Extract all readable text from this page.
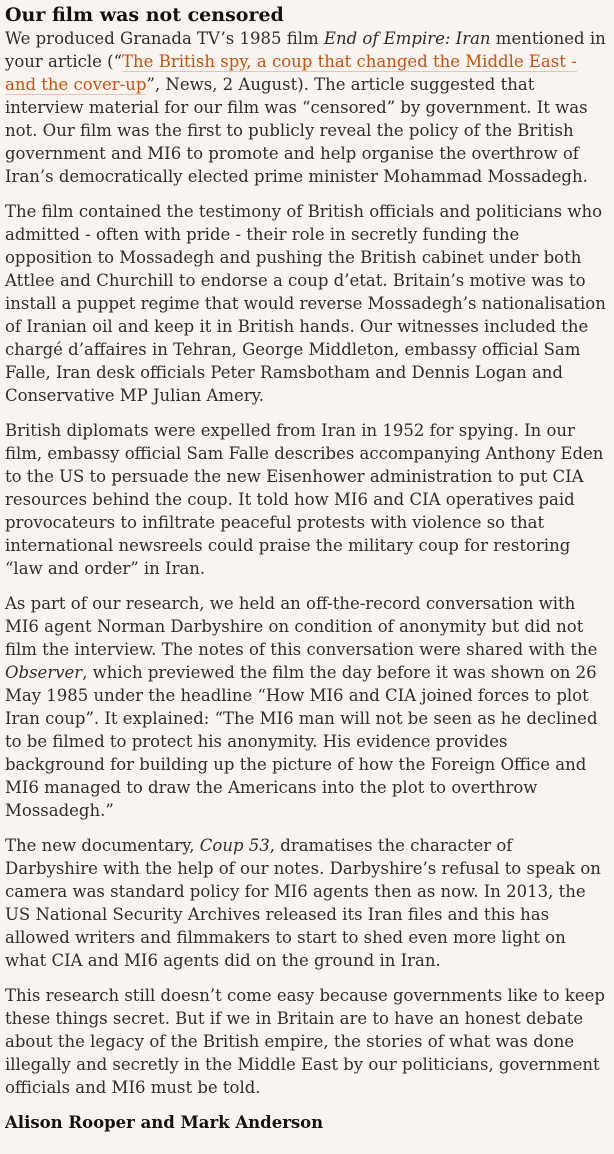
Our film was not censored

We produced Granada TV’s 1985 film End of Empire: Iran mentioned in your article (“The British spy, a coup that changed the Middle East - and the cover-up”, News, 2 August). The article suggested that interview material for our film was “censored” by government. It was not. Our film was the first to publicly reveal the policy of the British government and MI6 to promote and help organise the overthrow of Iran’s democratically elected prime minister Mohammad Mossadegh.

The film contained the testimony of British officials and politicians who admitted - often with pride - their role in secretly funding the opposition to Mossadegh and pushing the British cabinet under both Attlee and Churchill to endorse a coup d’etat. Britain’s motive was to install a puppet regime that would reverse Mossadegh’s nationalisation of Iranian oil and keep it in British hands. Our witnesses included the chargé d’affaires in Tehran, George Middleton, embassy official Sam Falle, Iran desk officials Peter Ramsbotham and Dennis Logan and Conservative MP Julian Amery.

British diplomats were expelled from Iran in 1952 for spying. In our film, embassy official Sam Falle describes accompanying Anthony Eden to the US to persuade the new Eisenhower administration to put CIA resources behind the coup. It told how MI6 and CIA operatives paid provocateurs to infiltrate peaceful protests with violence so that international newsreels could praise the military coup for restoring “law and order” in Iran.

As part of our research, we held an off-the-record conversation with MI6 agent Norman Darbyshire on condition of anonymity but did not film the interview. The notes of this conversation were shared with the Observer, which previewed the film the day before it was shown on 26 May 1985 under the headline “How MI6 and CIA joined forces to plot Iran coup”. It explained: “The MI6 man will not be seen as he declined to be filmed to protect his anonymity. His evidence provides background for building up the picture of how the Foreign Office and MI6 managed to draw the Americans into the plot to overthrow Mossadegh.”

The new documentary, Coup 53, dramatises the character of Darbyshire with the help of our notes. Darbyshire’s refusal to speak on camera was standard policy for MI6 agents then as now. In 2013, the US National Security Archives released its Iran files and this has allowed writers and filmmakers to start to shed even more light on what CIA and MI6 agents did on the ground in Iran.

This research still doesn’t come easy because governments like to keep these things secret. But if we in Britain are to have an honest debate about the legacy of the British empire, the stories of what was done illegally and secretly in the Middle East by our politicians, government officials and MI6 must be told.

Alison Rooper and Mark Anderson
